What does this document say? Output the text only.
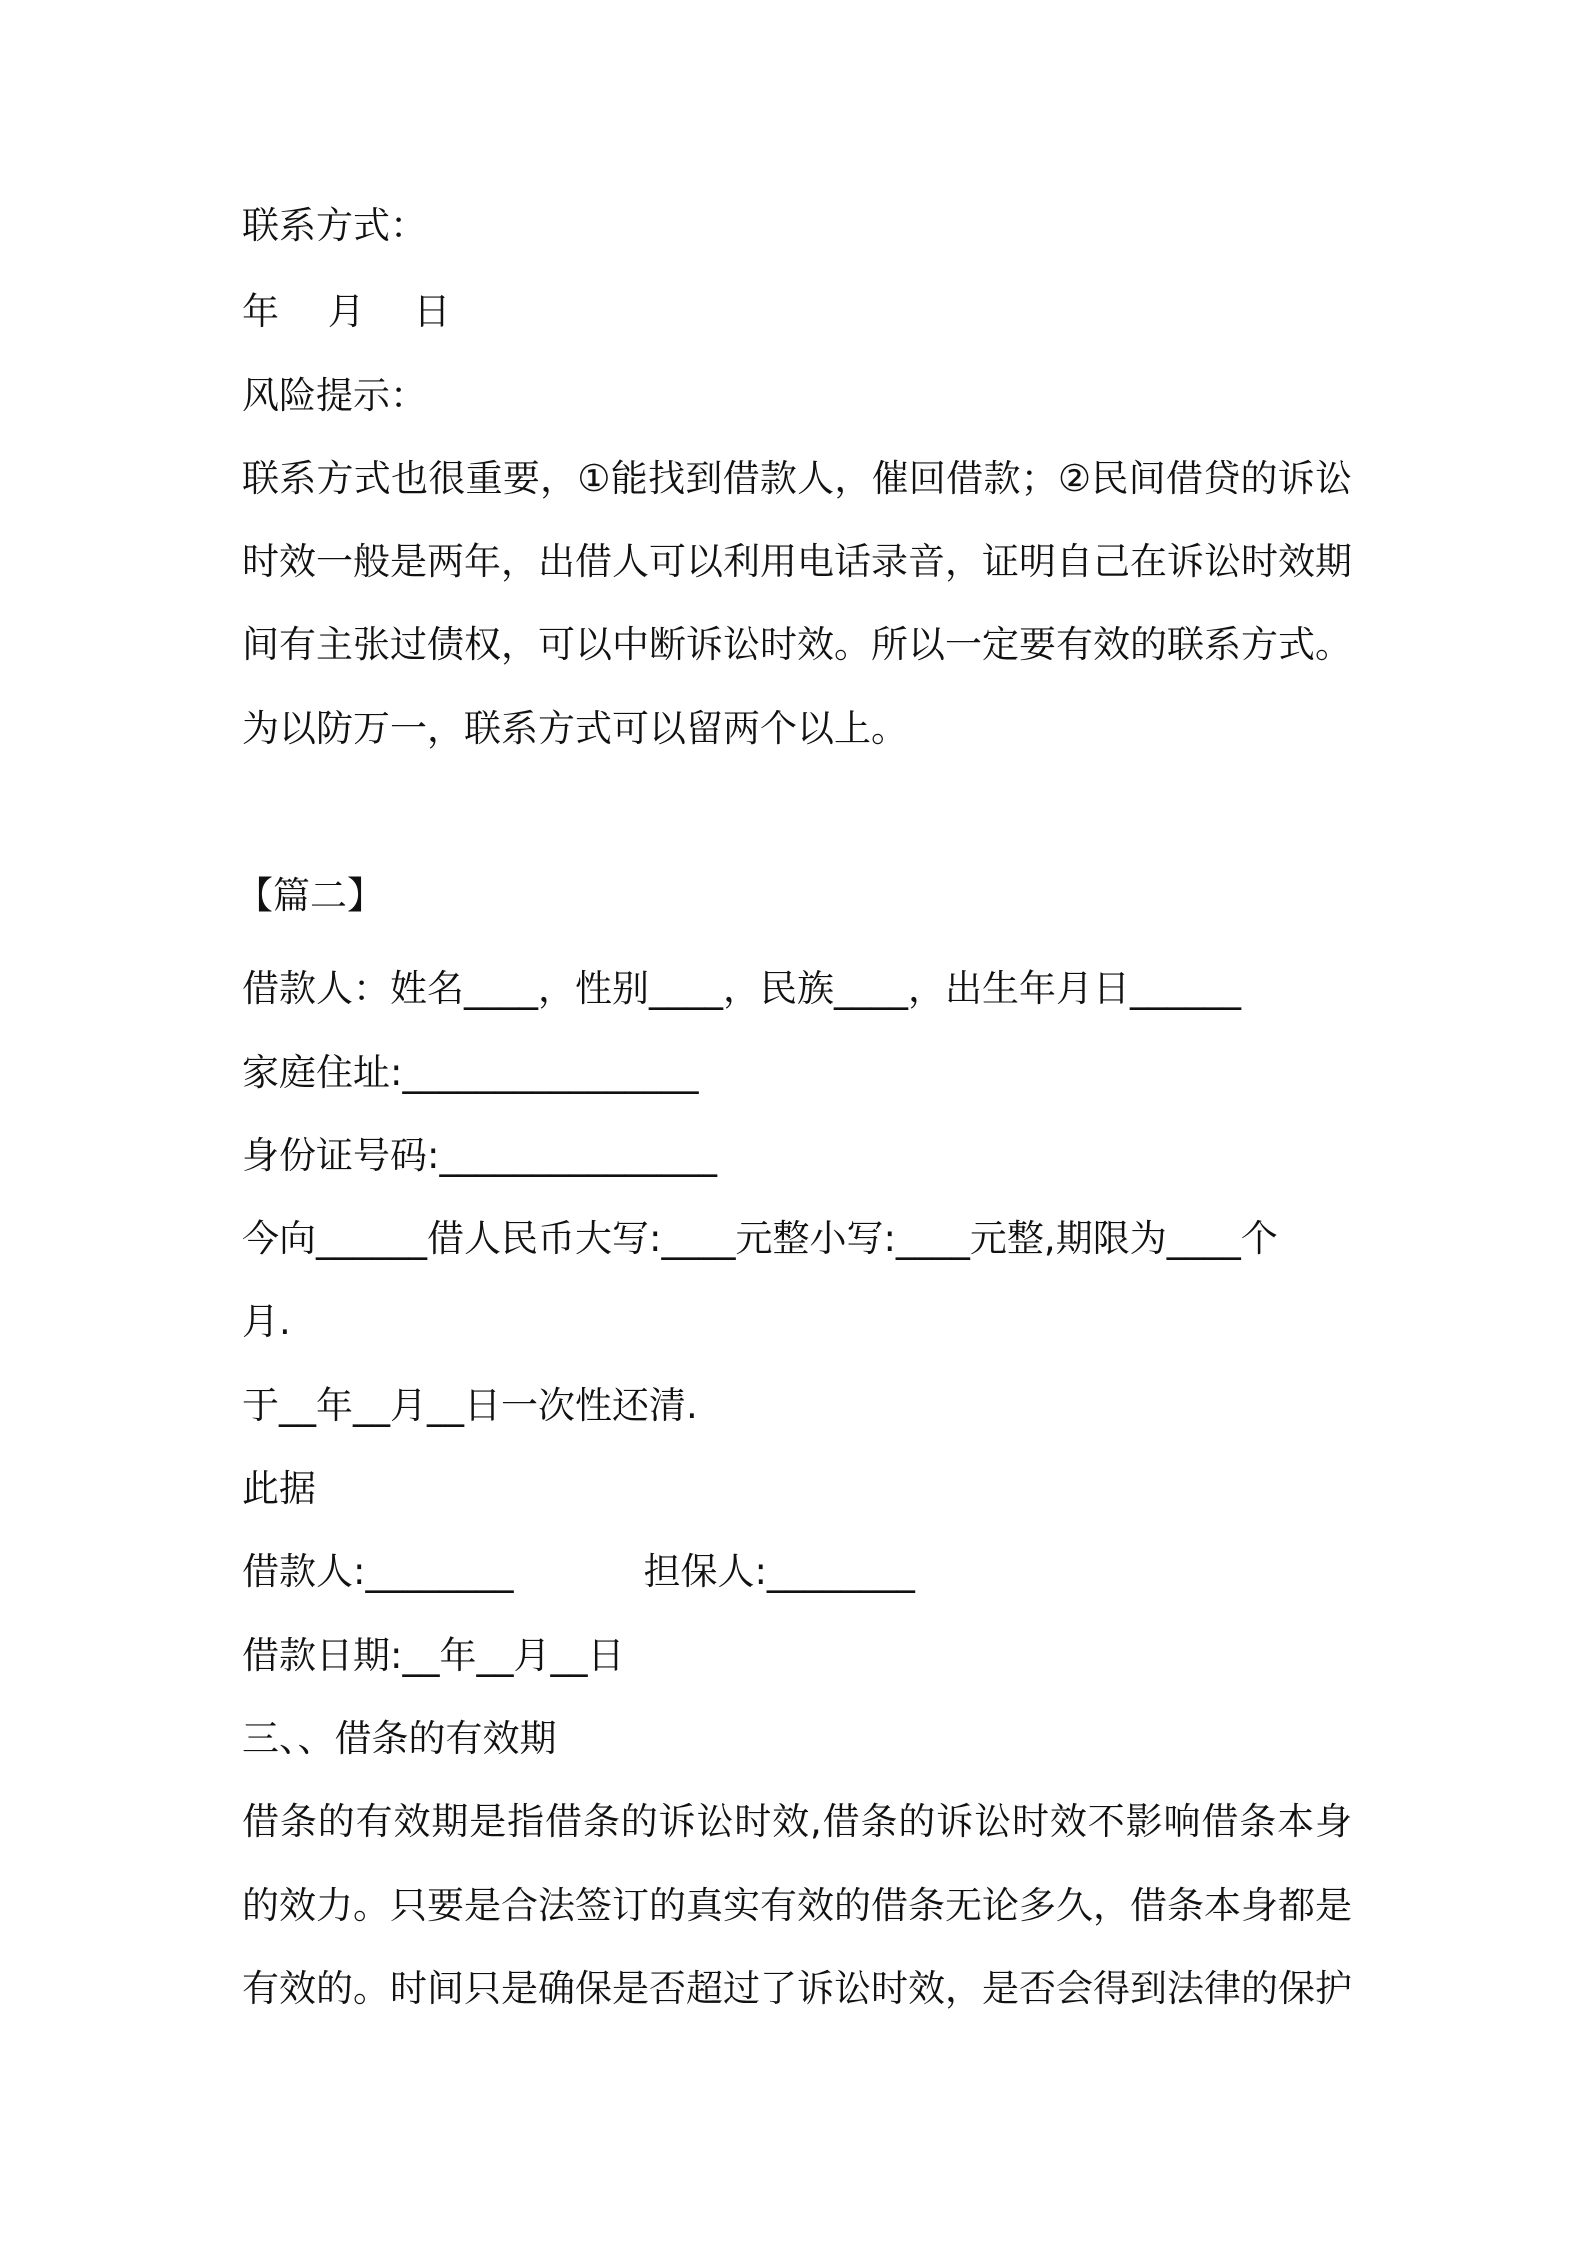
联系方式：

年　 月　 日

风险提示：

联系方式也很重要，①能找到借款人，催回借款；②民间借贷的诉讼

时效一般是两年，出借人可以利用电话录音，证明自己在诉讼时效期

间有主张过债权，可以中断诉讼时效。所以一定要有效的联系方式。

为以防万一，联系方式可以留两个以上。

【篇二】

借款人：姓名____，性别____，民族____，出生年月日______

家庭住址:________________

身份证号码:_______________

今向______借人民币大写:____元整小写:____元整,期限为____个

月.

于__年__月__日一次性还清.

此据

借款人:________	担保人:________

借款日期:__年__月__日

三、、借条的有效期

借条的有效期是指借条的诉讼时效,借条的诉讼时效不影响借条本身

的效力。只要是合法签订的真实有效的借条无论多久，借条本身都是

有效的。时间只是确保是否超过了诉讼时效，是否会得到法律的保护
